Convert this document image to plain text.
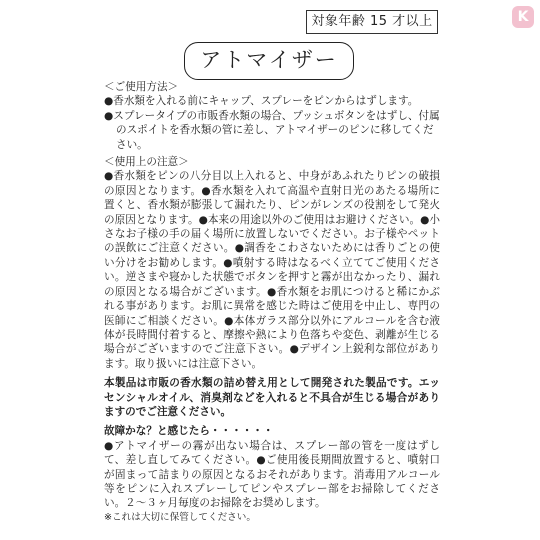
対象年齢 15 才以上	K
アトマイザー

＜ご使用方法＞

●香水類を入れる前にキャップ、スプレーをピンからはずします。

●スプレータイプの市販香水類の場合、プッシュボタンをはずし、付属のスポイトを香水類の管に差し、アトマイザーのピンに移してください。

＜使用上の注意＞

●香水類をピンの八分目以上入れると、中身があふれたりピンの破損の原因となります。●香水類を入れて高温や直射日光のあたる場所に置くと、香水類が膨張して漏れたり、ピンがレンズの役割をして発火の原因となります。●本来の用途以外のご使用はお避けください。●小さなお子様の手の届く場所に放置しないでください。お子様やペットの誤飲にご注意ください。●調香をこわさないためには香りごとの使い分けをお勧めします。●噴射する時はなるべく立ててご使用ください。逆さまや寝かした状態でボタンを押すと霧が出なかったり、漏れの原因となる場合がございます。●香水類をお肌につけると稀にかぶれる事があります。お肌に異常を感じた時はご使用を中止し、専門の医師にご相談ください。●本体ガラス部分以外にアルコールを含む液体が長時間付着すると、摩擦や熱により色落ちや変色、剥離が生じる場合がございますのでご注意下さい。●デザイン上鋭利な部位があります。取り扱いには注意下さい。

本製品は市販の香水類の詰め替え用として開発された製品です。エッセンシャルオイル、消臭剤などを入れると不具合が生じる場合がありますのでご注意ください。

故障かな？と感じたら・・・・・・

●アトマイザーの霧が出ない場合は、スプレー部の管を一度はずして、差し直してみてください。●ご使用後長期間放置すると、噴射口が固まって詰まりの原因となるおそれがあります。消毒用アルコール等をピンに入れスプレーしてピンやスプレー部をお掃除してください。２～３ヶ月毎度のお掃除をお奨めします。

※これは大切に保管してください。
